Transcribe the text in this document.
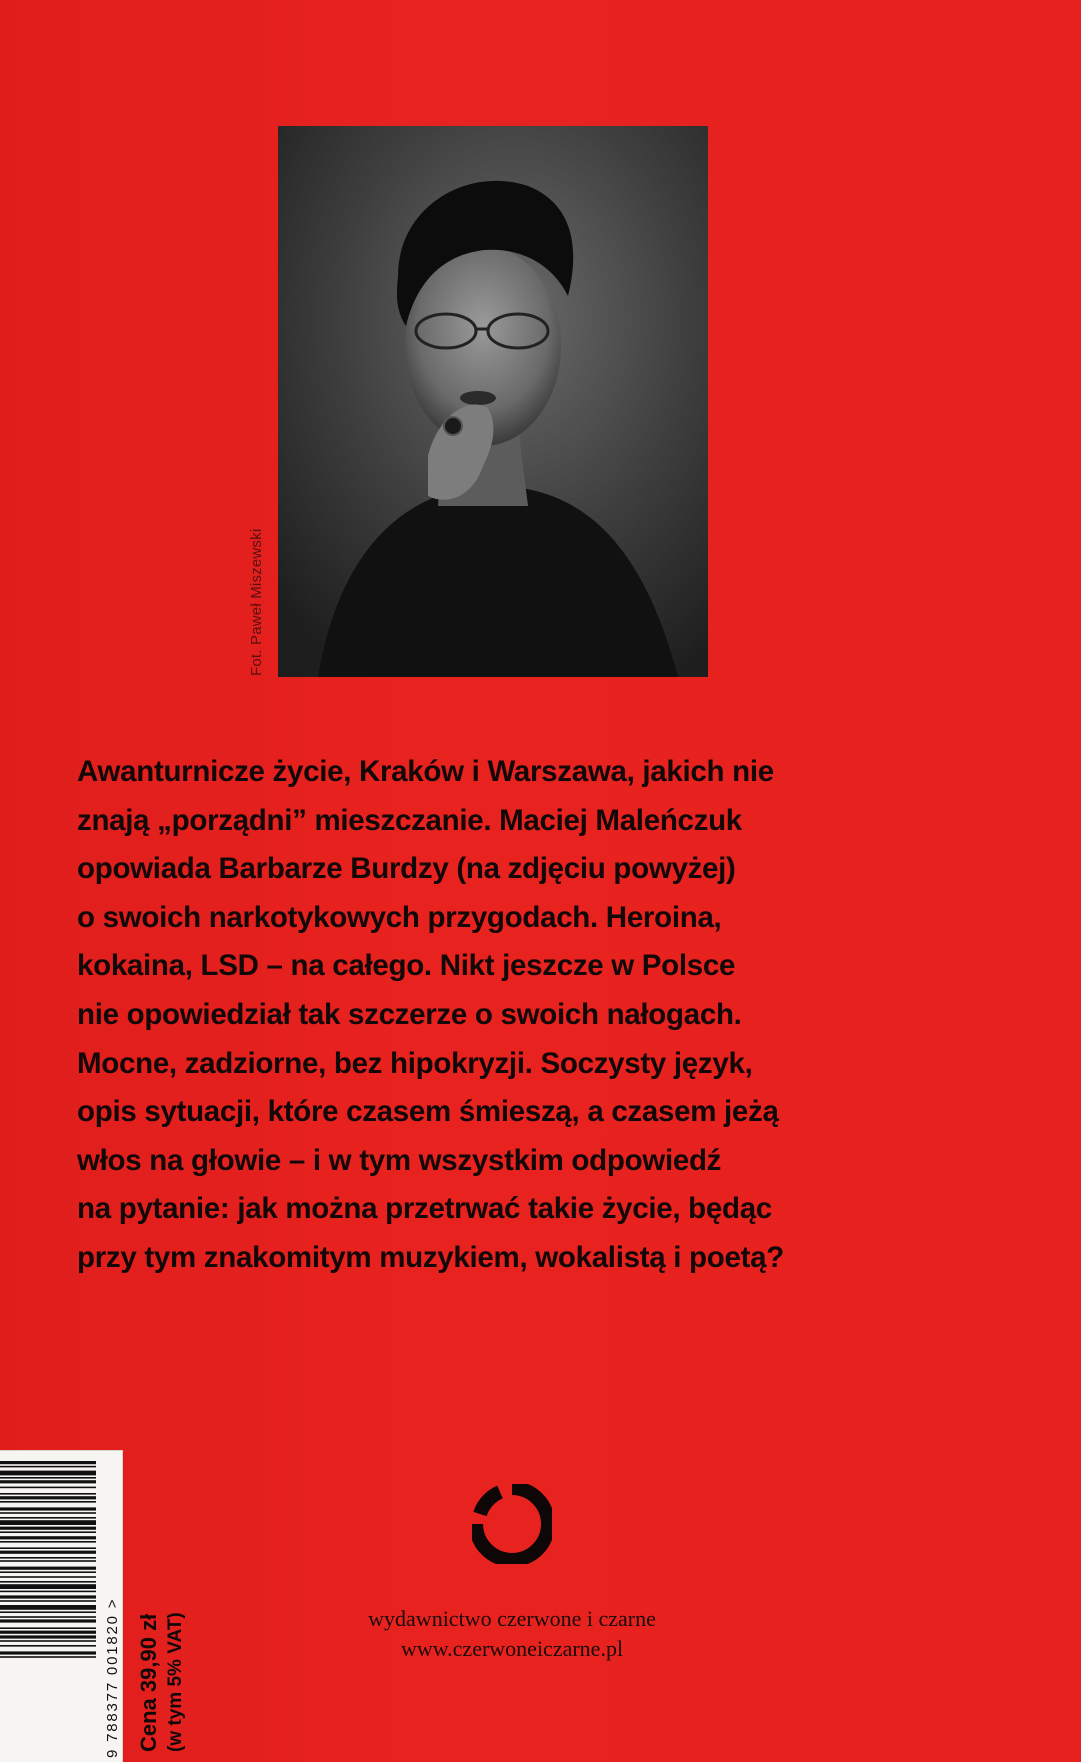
Fot. Paweł Miszewski
Awanturnicze życie, Kraków i Warszawa, jakich nie
znają „porządni” mieszczanie. Maciej Maleńczuk
opowiada Barbarze Burdzy (na zdjęciu powyżej)
o swoich narkotykowych przygodach. Heroina,
kokaina, LSD – na całego. Nikt jeszcze w Polsce
nie opowiedział tak szczerze o swoich nałogach.
Mocne, zadziorne, bez hipokryzji. Soczysty język,
opis sytuacji, które czasem śmieszą, a czasem jeżą
włos na głowie – i w tym wszystkim odpowiedź
na pytanie: jak można przetrwać takie życie, będąc
przy tym znakomitym muzykiem, wokalistą i poetą?
9 788377 001820 > Cena 39,90 zł (w tym 5% VAT)	wydawnictwo czerwone i czarne
www.czerwoneiczarne.pl
